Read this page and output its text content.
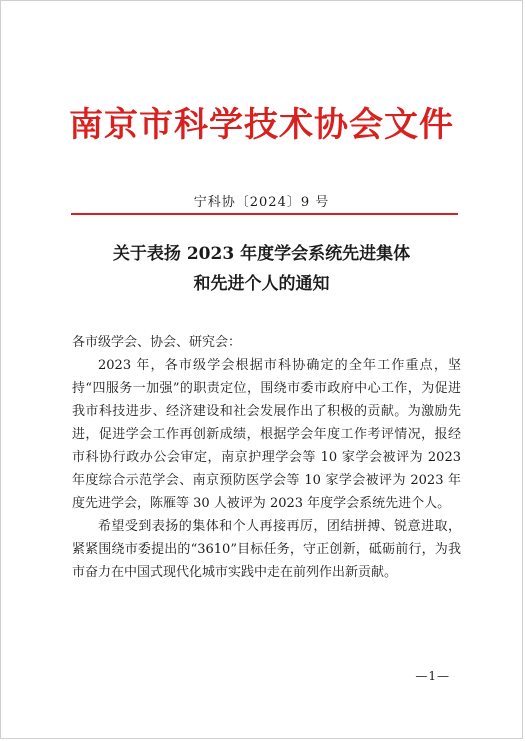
南京市科学技术协会文件
宁科协〔2024〕9 号
关于表扬 2023 年度学会系统先进集体
和先进个人的通知
各市级学会、协会、研究会：

2023 年，各市级学会根据市科协确定的全年工作重点，坚持“四服务一加强”的职责定位，围绕市委市政府中心工作，为促进我市科技进步、经济建设和社会发展作出了积极的贡献。为激励先进，促进学会工作再创新成绩，根据学会年度工作考评情况，报经市科协行政办公会审定，南京护理学会等 10 家学会被评为 2023 年度综合示范学会、南京预防医学会等 10 家学会被评为 2023 年度先进学会，陈雁等 30 人被评为 2023 年度学会系统先进个人。

希望受到表扬的集体和个人再接再厉，团结拼搏、锐意进取，紧紧围绕市委提出的“3610”目标任务，守正创新，砥砺前行，为我市奋力在中国式现代化城市实践中走在前列作出新贡献。

—1—
